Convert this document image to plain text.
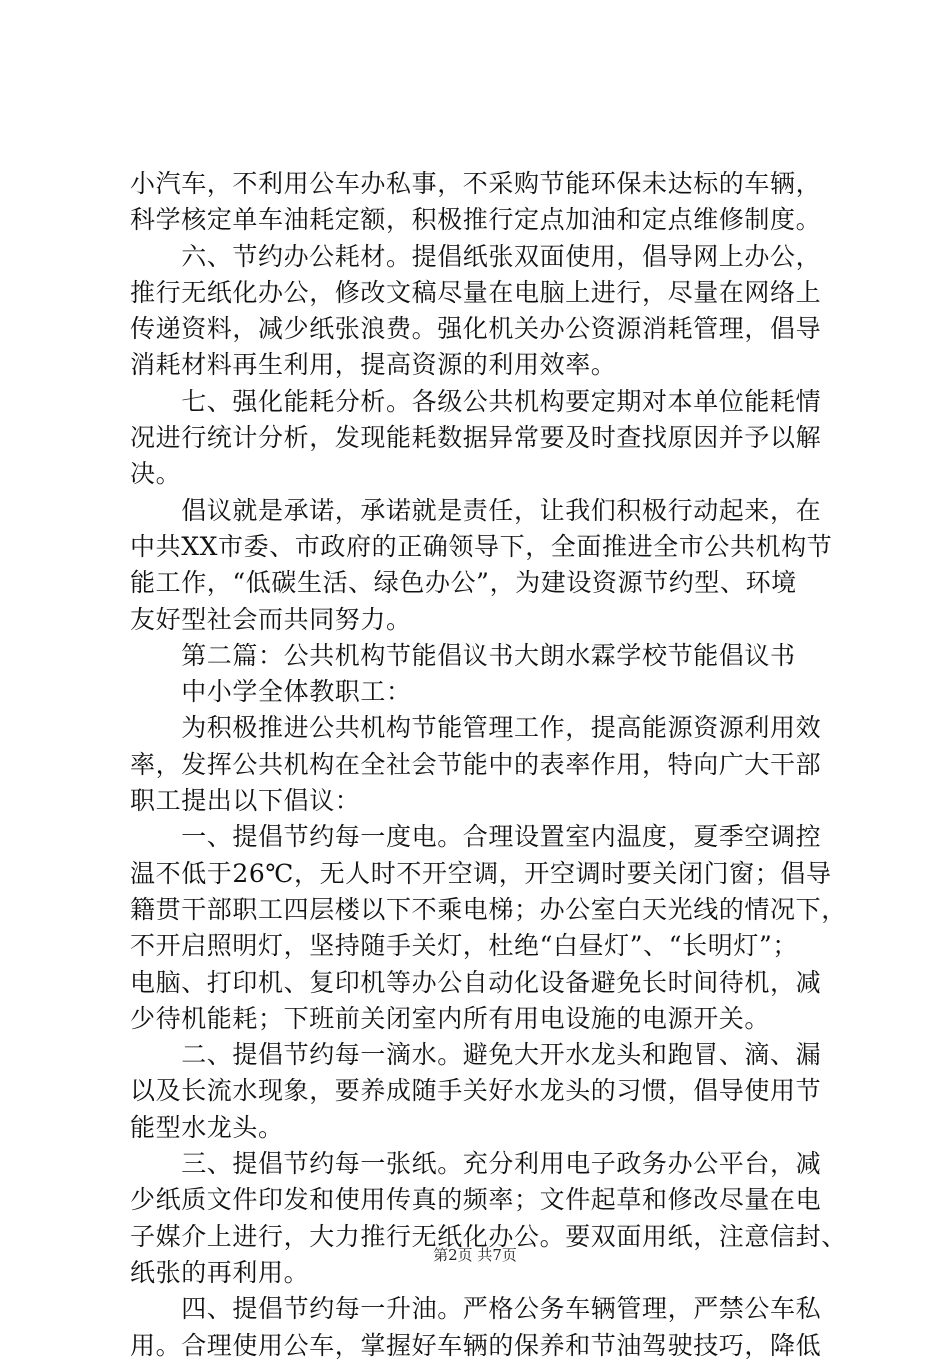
小汽车，不利用公车办私事，不采购节能环保未达标的车辆，
科学核定单车油耗定额，积极推行定点加油和定点维修制度。
　　六、节约办公耗材。提倡纸张双面使用，倡导网上办公，
推行无纸化办公，修改文稿尽量在电脑上进行，尽量在网络上
传递资料，减少纸张浪费。强化机关办公资源消耗管理，倡导
消耗材料再生利用，提高资源的利用效率。
　　七、强化能耗分析。各级公共机构要定期对本单位能耗情
况进行统计分析，发现能耗数据异常要及时查找原因并予以解
决。
　　倡议就是承诺，承诺就是责任，让我们积极行动起来，在
中共XX市委、市政府的正确领导下，全面推进全市公共机构节
能工作，“低碳生活、绿色办公”，为建设资源节约型、环境
友好型社会而共同努力。
　　第二篇：公共机构节能倡议书大朗水霖学校节能倡议书
　　中小学全体教职工：
　　为积极推进公共机构节能管理工作，提高能源资源利用效
率，发挥公共机构在全社会节能中的表率作用，特向广大干部
职工提出以下倡议：
　　一、提倡节约每一度电。合理设置室内温度，夏季空调控
温不低于26℃，无人时不开空调，开空调时要关闭门窗；倡导
籍贯干部职工四层楼以下不乘电梯；办公室白天光线的情况下，
不开启照明灯，坚持随手关灯，杜绝“白昼灯”、“长明灯”；
电脑、打印机、复印机等办公自动化设备避免长时间待机，减
少待机能耗；下班前关闭室内所有用电设施的电源开关。
　　二、提倡节约每一滴水。避免大开水龙头和跑冒、滴、漏
以及长流水现象，要养成随手关好水龙头的习惯，倡导使用节
能型水龙头。
　　三、提倡节约每一张纸。充分利用电子政务办公平台，减
少纸质文件印发和使用传真的频率；文件起草和修改尽量在电
子媒介上进行，大力推行无纸化办公。要双面用纸，注意信封、
纸张的再利用。
　　四、提倡节约每一升油。严格公务车辆管理，严禁公车私
用。合理使用公车，掌握好车辆的保养和节油驾驶技巧，降低
第2页 共7页
